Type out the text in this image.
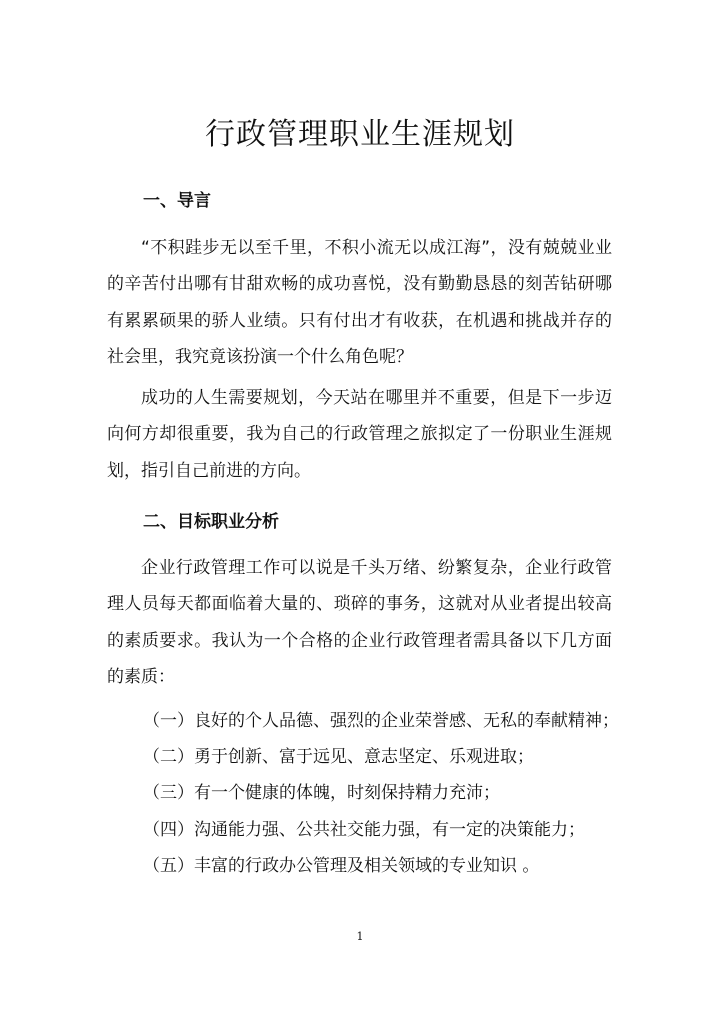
行政管理职业生涯规划
一、导言

“不积跬步无以至千里，不积小流无以成江海”，没有兢兢业业的辛苦付出哪有甘甜欢畅的成功喜悦，没有勤勤恳恳的刻苦钻研哪有累累硕果的骄人业绩。只有付出才有收获，在机遇和挑战并存的社会里，我究竟该扮演一个什么角色呢？

成功的人生需要规划，今天站在哪里并不重要，但是下一步迈向何方却很重要，我为自己的行政管理之旅拟定了一份职业生涯规划，指引自己前进的方向。

二、目标职业分析

企业行政管理工作可以说是千头万绪、纷繁复杂，企业行政管理人员每天都面临着大量的、琐碎的事务，这就对从业者提出较高的素质要求。我认为一个合格的企业行政管理者需具备以下几方面的素质：

（一）良好的个人品德、强烈的企业荣誉感、无私的奉献精神；

（二）勇于创新、富于远见、意志坚定、乐观进取；

（三）有一个健康的体魄，时刻保持精力充沛；

（四）沟通能力强、公共社交能力强，有一定的决策能力；

（五）丰富的行政办公管理及相关领域的专业知识 。

1
